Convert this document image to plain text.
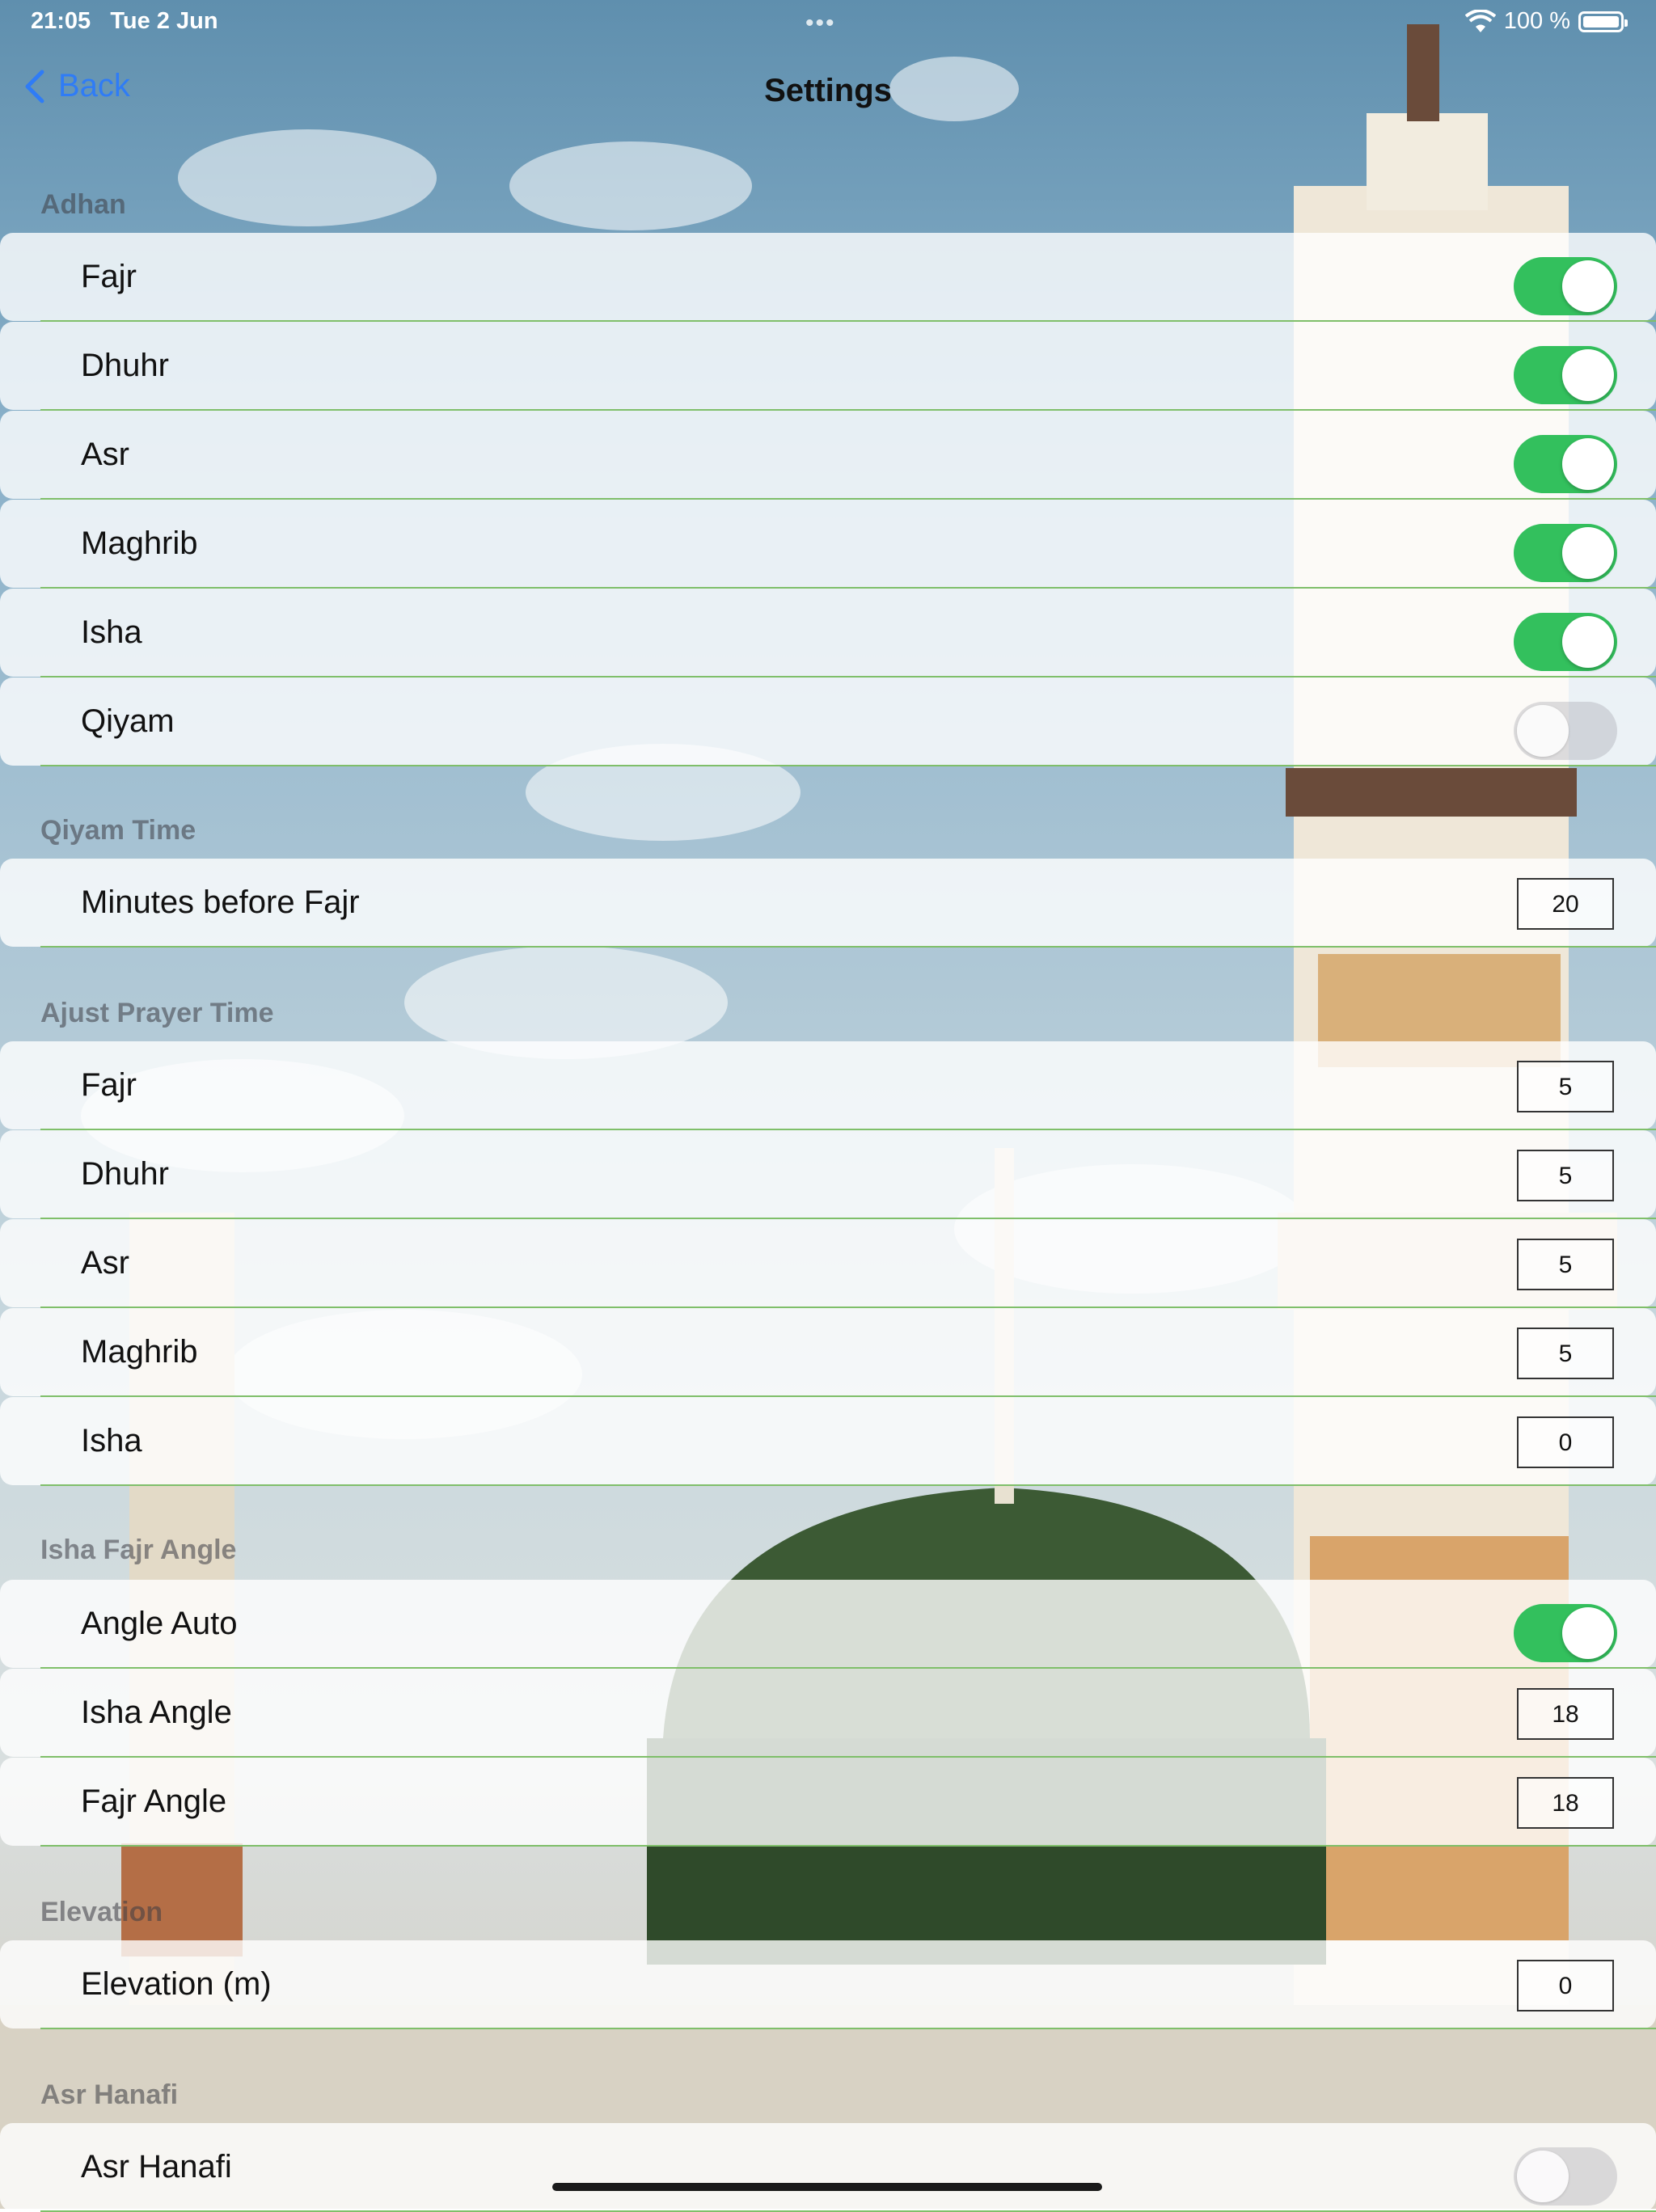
21:05 Tue 2 Jun	•••	100 %
Back	Settings
Adhan
Fajr
Dhuhr
Asr
Maghrib
Isha
Qiyam
Qiyam Time
Minutes before Fajr	20
Ajust Prayer Time
Fajr	5
Dhuhr	5
Asr	5
Maghrib	5
Isha	0
Isha Fajr Angle
Angle Auto
Isha Angle	18
Fajr Angle	18
Elevation
Elevation (m)	0
Asr Hanafi
Asr Hanafi
